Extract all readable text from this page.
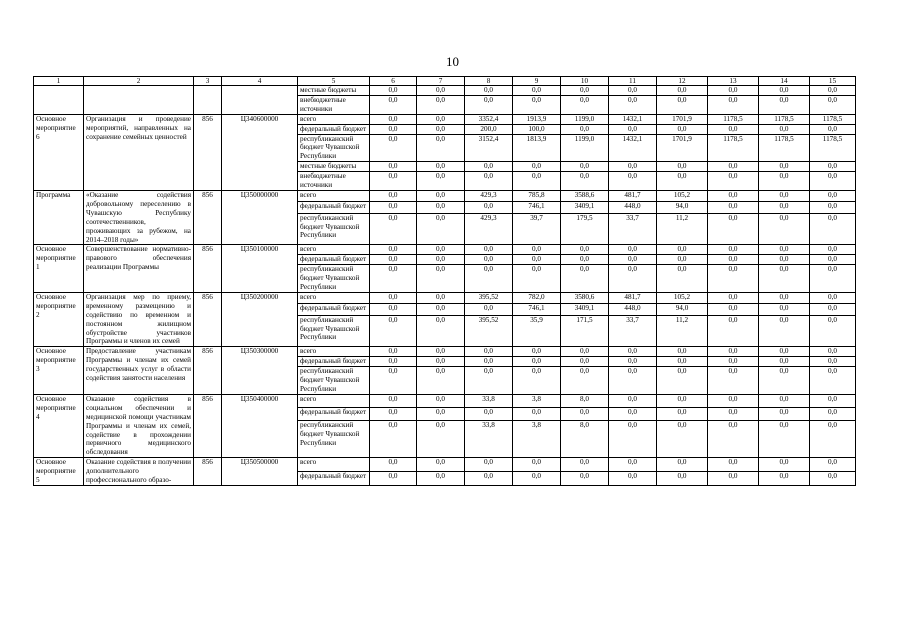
10
1	2	3	4	5	6	7	8	9	10	11	12	13	14	15
				местные бюджеты	0,0	0,0	0,0	0,0	0,0	0,0	0,0	0,0	0,0	0,0
				внебюджетные источники	0,0	0,0	0,0	0,0	0,0	0,0	0,0	0,0	0,0	0,0
Основное мероприятие 6	Организация и проведение мероприятий, направленных на сохранение семейных ценностей	856	Ц340600000	всего	0,0	0,0	3352,4	1913,9	1199,0	1432,1	1701,9	1178,5	1178,5	1178,5
				федеральный бюджет	0,0	0,0	200,0	100,0	0,0	0,0	0,0	0,0	0,0	0,0
				республиканский бюджет Чувашской Республики	0,0	0,0	3152,4	1813,9	1199,0	1432,1	1701,9	1178,5	1178,5	1178,5
				местные бюджеты	0,0	0,0	0,0	0,0	0,0	0,0	0,0	0,0	0,0	0,0
				внебюджетные источники	0,0	0,0	0,0	0,0	0,0	0,0	0,0	0,0	0,0	0,0
Программа	«Оказание содействия добровольному переселению в Чувашскую Республику соотечественников, проживающих за рубежом, на 2014–2018 годы»	856	Ц350000000	всего	0,0	0,0	429,3	785,8	3588,6	481,7	105,2	0,0	0,0	0,0
				федеральный бюджет	0,0	0,0	0,0	746,1	3409,1	448,0	94,0	0,0	0,0	0,0
				республиканский бюджет Чувашской Республики	0,0	0,0	429,3	39,7	179,5	33,7	11,2	0,0	0,0	0,0
Основное мероприятие 1	Совершенствование нормативно-правового обеспечения реализации Программы	856	Ц350100000	всего	0,0	0,0	0,0	0,0	0,0	0,0	0,0	0,0	0,0	0,0
				федеральный бюджет	0,0	0,0	0,0	0,0	0,0	0,0	0,0	0,0	0,0	0,0
				республиканский бюджет Чувашской Республики	0,0	0,0	0,0	0,0	0,0	0,0	0,0	0,0	0,0	0,0
Основное мероприятие 2	Организация мер по приему, временному размещению и содействию по временном и постоянном жилищном обустройстве участников Программы и членов их семей	856	Ц350200000	всего	0,0	0,0	395,52	782,0	3580,6	481,7	105,2	0,0	0,0	0,0
				федеральный бюджет	0,0	0,0	0,0	746,1	3409,1	448,0	94,0	0,0	0,0	0,0
				республиканский бюджет Чувашской Республики	0,0	0,0	395,52	35,9	171,5	33,7	11,2	0,0	0,0	0,0
Основное мероприятие 3	Предоставление участникам Программы и членам их семей государственных услуг в области содействия занятости населения	856	Ц350300000	всего	0,0	0,0	0,0	0,0	0,0	0,0	0,0	0,0	0,0	0,0
				федеральный бюджет	0,0	0,0	0,0	0,0	0,0	0,0	0,0	0,0	0,0	0,0
				республиканский бюджет Чувашской Республики	0,0	0,0	0,0	0,0	0,0	0,0	0,0	0,0	0,0	0,0
Основное мероприятие 4	Оказание содействия в социальном обеспечении и медицинской помощи участникам Программы и членам их семей, содействие в прохождении первичного медицинского обследования	856	Ц350400000	всего	0,0	0,0	33,8	3,8	8,0	0,0	0,0	0,0	0,0	0,0
				федеральный бюджет	0,0	0,0	0,0	0,0	0,0	0,0	0,0	0,0	0,0	0,0
				республиканский бюджет Чувашской Республики	0,0	0,0	33,8	3,8	8,0	0,0	0,0	0,0	0,0	0,0
Основное мероприятие 5	Оказание содействия в получении дополнительного профессионального образо-	856	Ц350500000	всего	0,0	0,0	0,0	0,0	0,0	0,0	0,0	0,0	0,0	0,0
				федеральный бюджет	0,0	0,0	0,0	0,0	0,0	0,0	0,0	0,0	0,0	0,0
